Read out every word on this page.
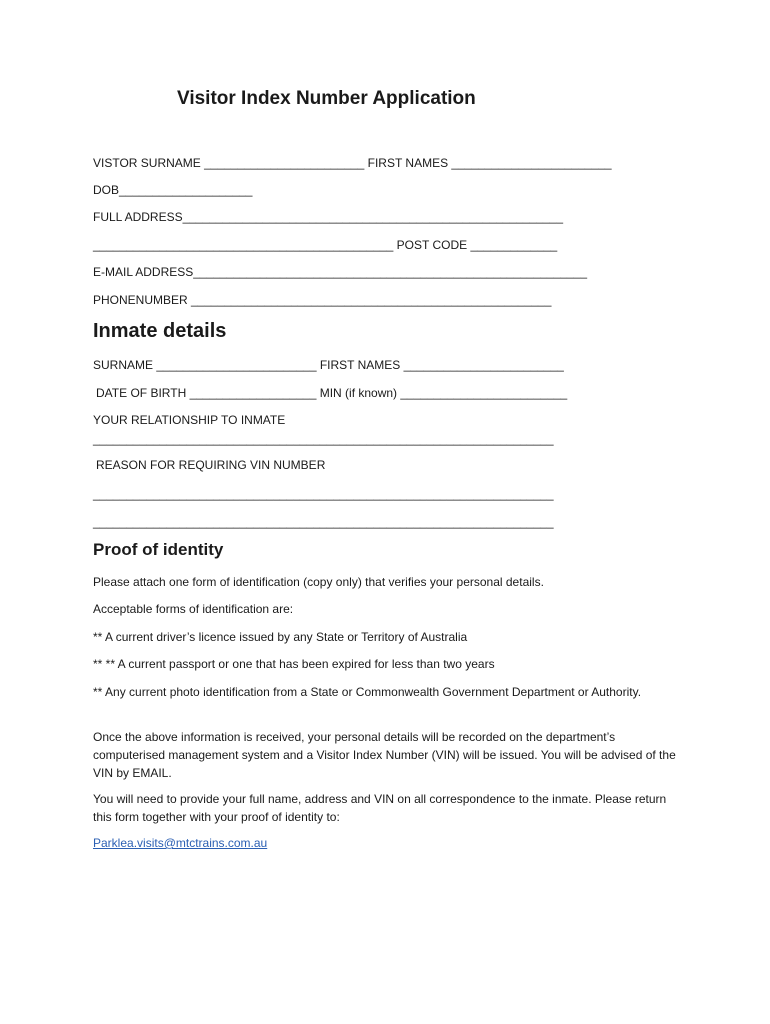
Visitor Index Number Application

VISTOR SURNAME ________________________ FIRST NAMES ________________________

DOB____________________

FULL ADDRESS_________________________________________________________

_____________________________________________ POST CODE _____________

E-MAIL ADDRESS___________________________________________________________

PHONENUMBER ______________________________________________________

Inmate details

SURNAME ________________________ FIRST NAMES ________________________

DATE OF BIRTH ___________________ MIN (if known) _________________________

YOUR RELATIONSHIP TO INMATE

_____________________________________________________________________

REASON FOR REQUIRING VIN NUMBER

_____________________________________________________________________

_____________________________________________________________________

Proof of identity

Please attach one form of identification (copy only) that verifies your personal details.

Acceptable forms of identification are:

** A current driver’s licence issued by any State or Territory of Australia

** ** A current passport or one that has been expired for less than two years

** Any current photo identification from a State or Commonwealth Government Department or Authority.

Once the above information is received, your personal details will be recorded on the department’s computerised management system and a Visitor Index Number (VIN) will be issued. You will be advised of the VIN by EMAIL.

You will need to provide your full name, address and VIN on all correspondence to the inmate. Please return this form together with your proof of identity to:

Parklea.visits@mtctrains.com.au
